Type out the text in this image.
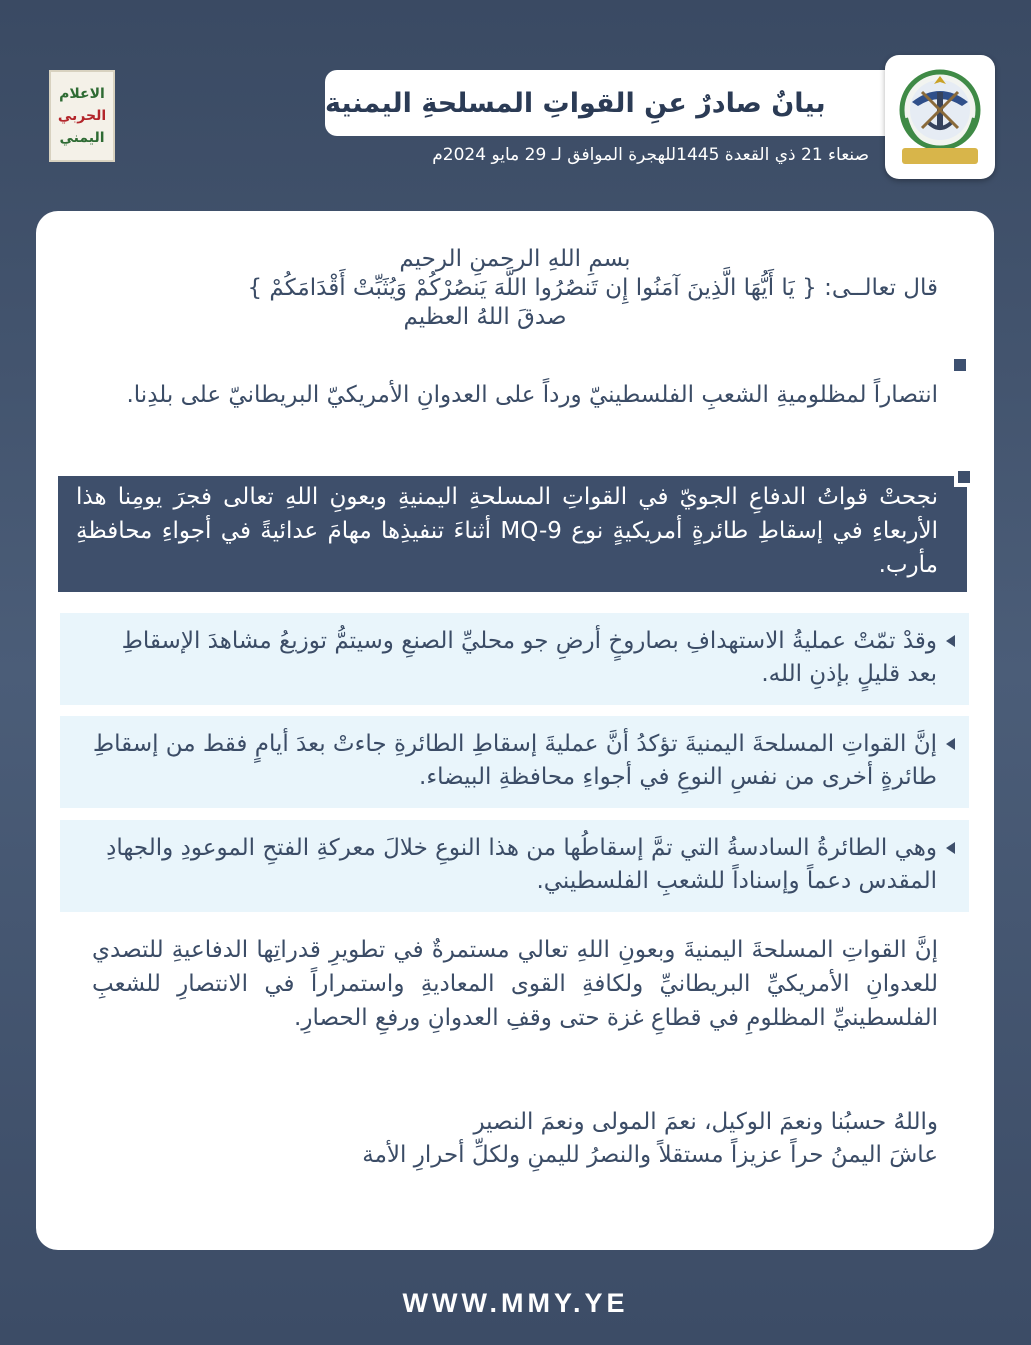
الاعلام
الحربي
اليمني
بيانٌ صادرٌ عنِ القواتِ المسلحةِ اليمنية
صنعاء 21 ذي القعدة 1445للهجرة الموافق لـ 29 مايو 2024م
بسمِ اللهِ الرحمنِ الرحيم
قال تعالــى: { يَا أَيُّهَا الَّذِينَ آمَنُوا إِن تَنصُرُوا اللَّهَ يَنصُرْكُمْ وَيُثَبِّتْ أَقْدَامَكُمْ }
صدقَ اللهُ العظيم
انتصاراً لمظلوميةِ الشعبِ الفلسطينيّ ورداً على العدوانِ الأمريكيّ البريطانيّ على بلدِنا.
نجحتْ قواتُ الدفاعِ الجويّ في القواتِ المسلحةِ اليمنيةِ وبعونِ اللهِ تعالى فجرَ يومِنا هذا الأربعاءِ في إسقاطِ طائرةٍ أمريكيةٍ نوع MQ-9 أثناءَ تنفيذِها مهامَ عدائيةً في أجواءِ محافظةِ مأرب.
وقدْ تمّتْ عمليةُ الاستهدافِ بصاروخٍ أرضِ جو محليِّ الصنعِ وسيتمُّ توزيعُ مشاهدَ الإسقاطِ بعد قليلٍ بإذنِ الله.
إنَّ القواتِ المسلحةَ اليمنيةَ تؤكدُ أنَّ عمليةَ إسقاطِ الطائرةِ جاءتْ بعدَ أيامٍ فقط من إسقاطِ طائرةٍ أخرى من نفسِ النوعِ في أجواءِ محافظةِ البيضاء.
وهي الطائرةُ السادسةُ التي تمَّ إسقاطُها من هذا النوعِ خلالَ معركةِ الفتحِ الموعودِ والجهادِ المقدس دعماً وإسناداً للشعبِ الفلسطيني.
إنَّ القواتِ المسلحةَ اليمنيةَ وبعونِ اللهِ تعالي مستمرةٌ في تطويرِ قدراتِها الدفاعيةِ للتصدي للعدوانِ الأمريكيِّ البريطانيِّ ولكافةِ القوى المعاديةِ واستمراراً في الانتصارِ للشعبِ الفلسطينيِّ المظلومِ في قطاعِ غزة حتى وقفِ العدوانِ ورفعِ الحصارِ.
واللهُ حسبُنا ونعمَ الوكيل، نعمَ المولى ونعمَ النصير
عاشَ اليمنُ حراً عزيزاً مستقلاً والنصرُ لليمنِ ولكلِّ أحرارِ الأمة
WWW.MMY.YE
